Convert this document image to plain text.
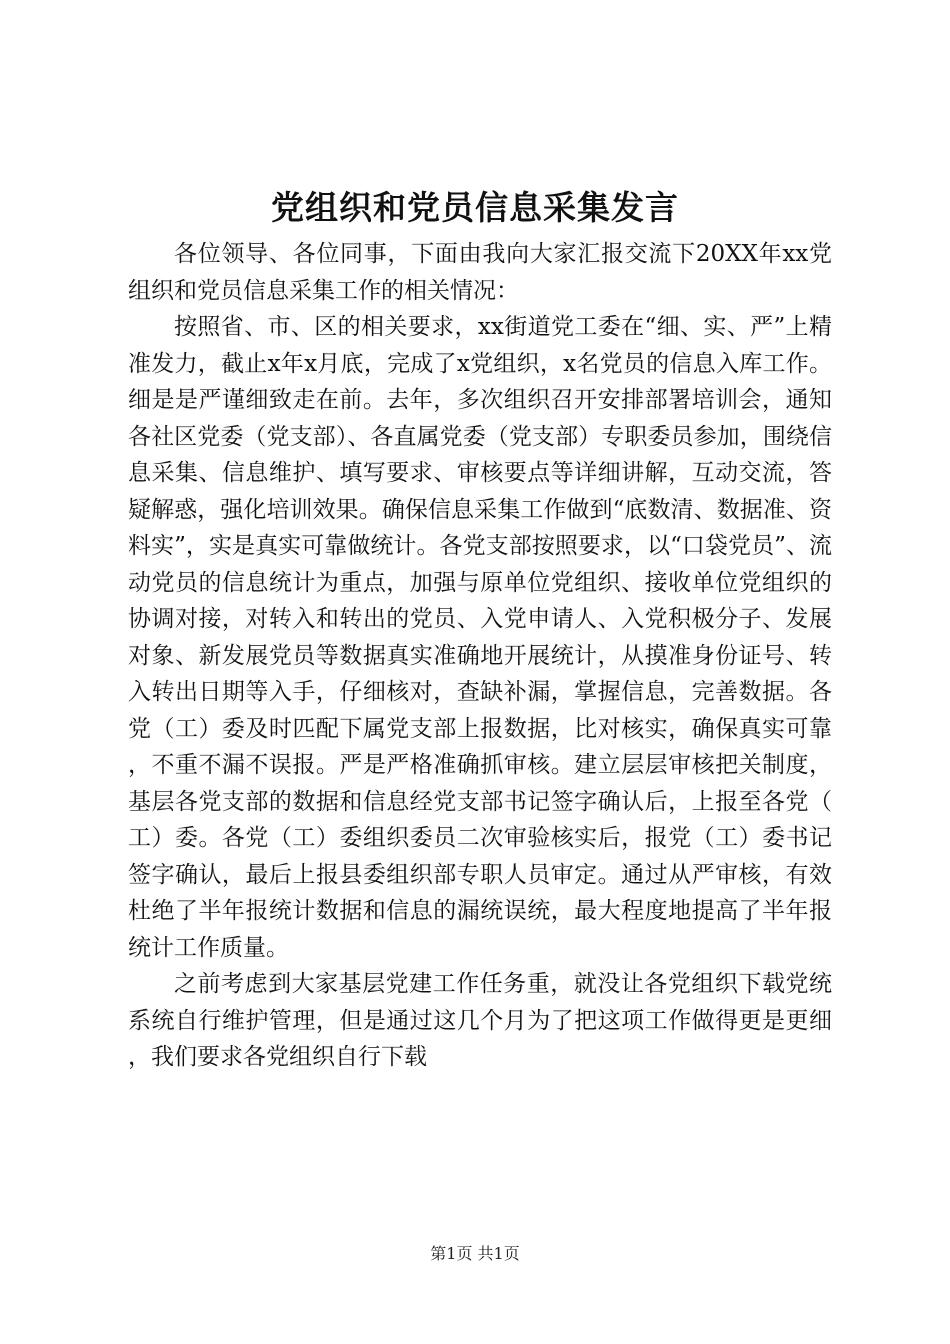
党组织和党员信息采集发言

各位领导、各位同事，下面由我向大家汇报交流下20XX年xx党组织和党员信息采集工作的相关情况：

按照省、市、区的相关要求，xx街道党工委在“细、实、严”上精准发力，截止x年x月底，完成了x党组织，x名党员的信息入库工作。细是是严谨细致走在前。去年，多次组织召开安排部署培训会，通知各社区党委（党支部）、各直属党委（党支部）专职委员参加，围绕信息采集、信息维护、填写要求、审核要点等详细讲解，互动交流，答疑解惑，强化培训效果。确保信息采集工作做到“底数清、数据准、资料实”，实是真实可靠做统计。各党支部按照要求，以“口袋党员”、流动党员的信息统计为重点，加强与原单位党组织、接收单位党组织的协调对接，对转入和转出的党员、入党申请人、入党积极分子、发展对象、新发展党员等数据真实准确地开展统计，从摸准身份证号、转入转出日期等入手，仔细核对，查缺补漏，掌握信息，完善数据。各党（工）委及时匹配下属党支部上报数据，比对核实，确保真实可靠，不重不漏不误报。严是严格准确抓审核。建立层层审核把关制度，基层各党支部的数据和信息经党支部书记签字确认后，上报至各党（工）委。各党（工）委组织委员二次审验核实后，报党（工）委书记签字确认，最后上报县委组织部专职人员审定。通过从严审核，有效杜绝了半年报统计数据和信息的漏统误统，最大程度地提高了半年报统计工作质量。

之前考虑到大家基层党建工作任务重，就没让各党组织下载党统系统自行维护管理，但是通过这几个月为了把这项工作做得更是更细，我们要求各党组织自行下载

第1页 共1页
